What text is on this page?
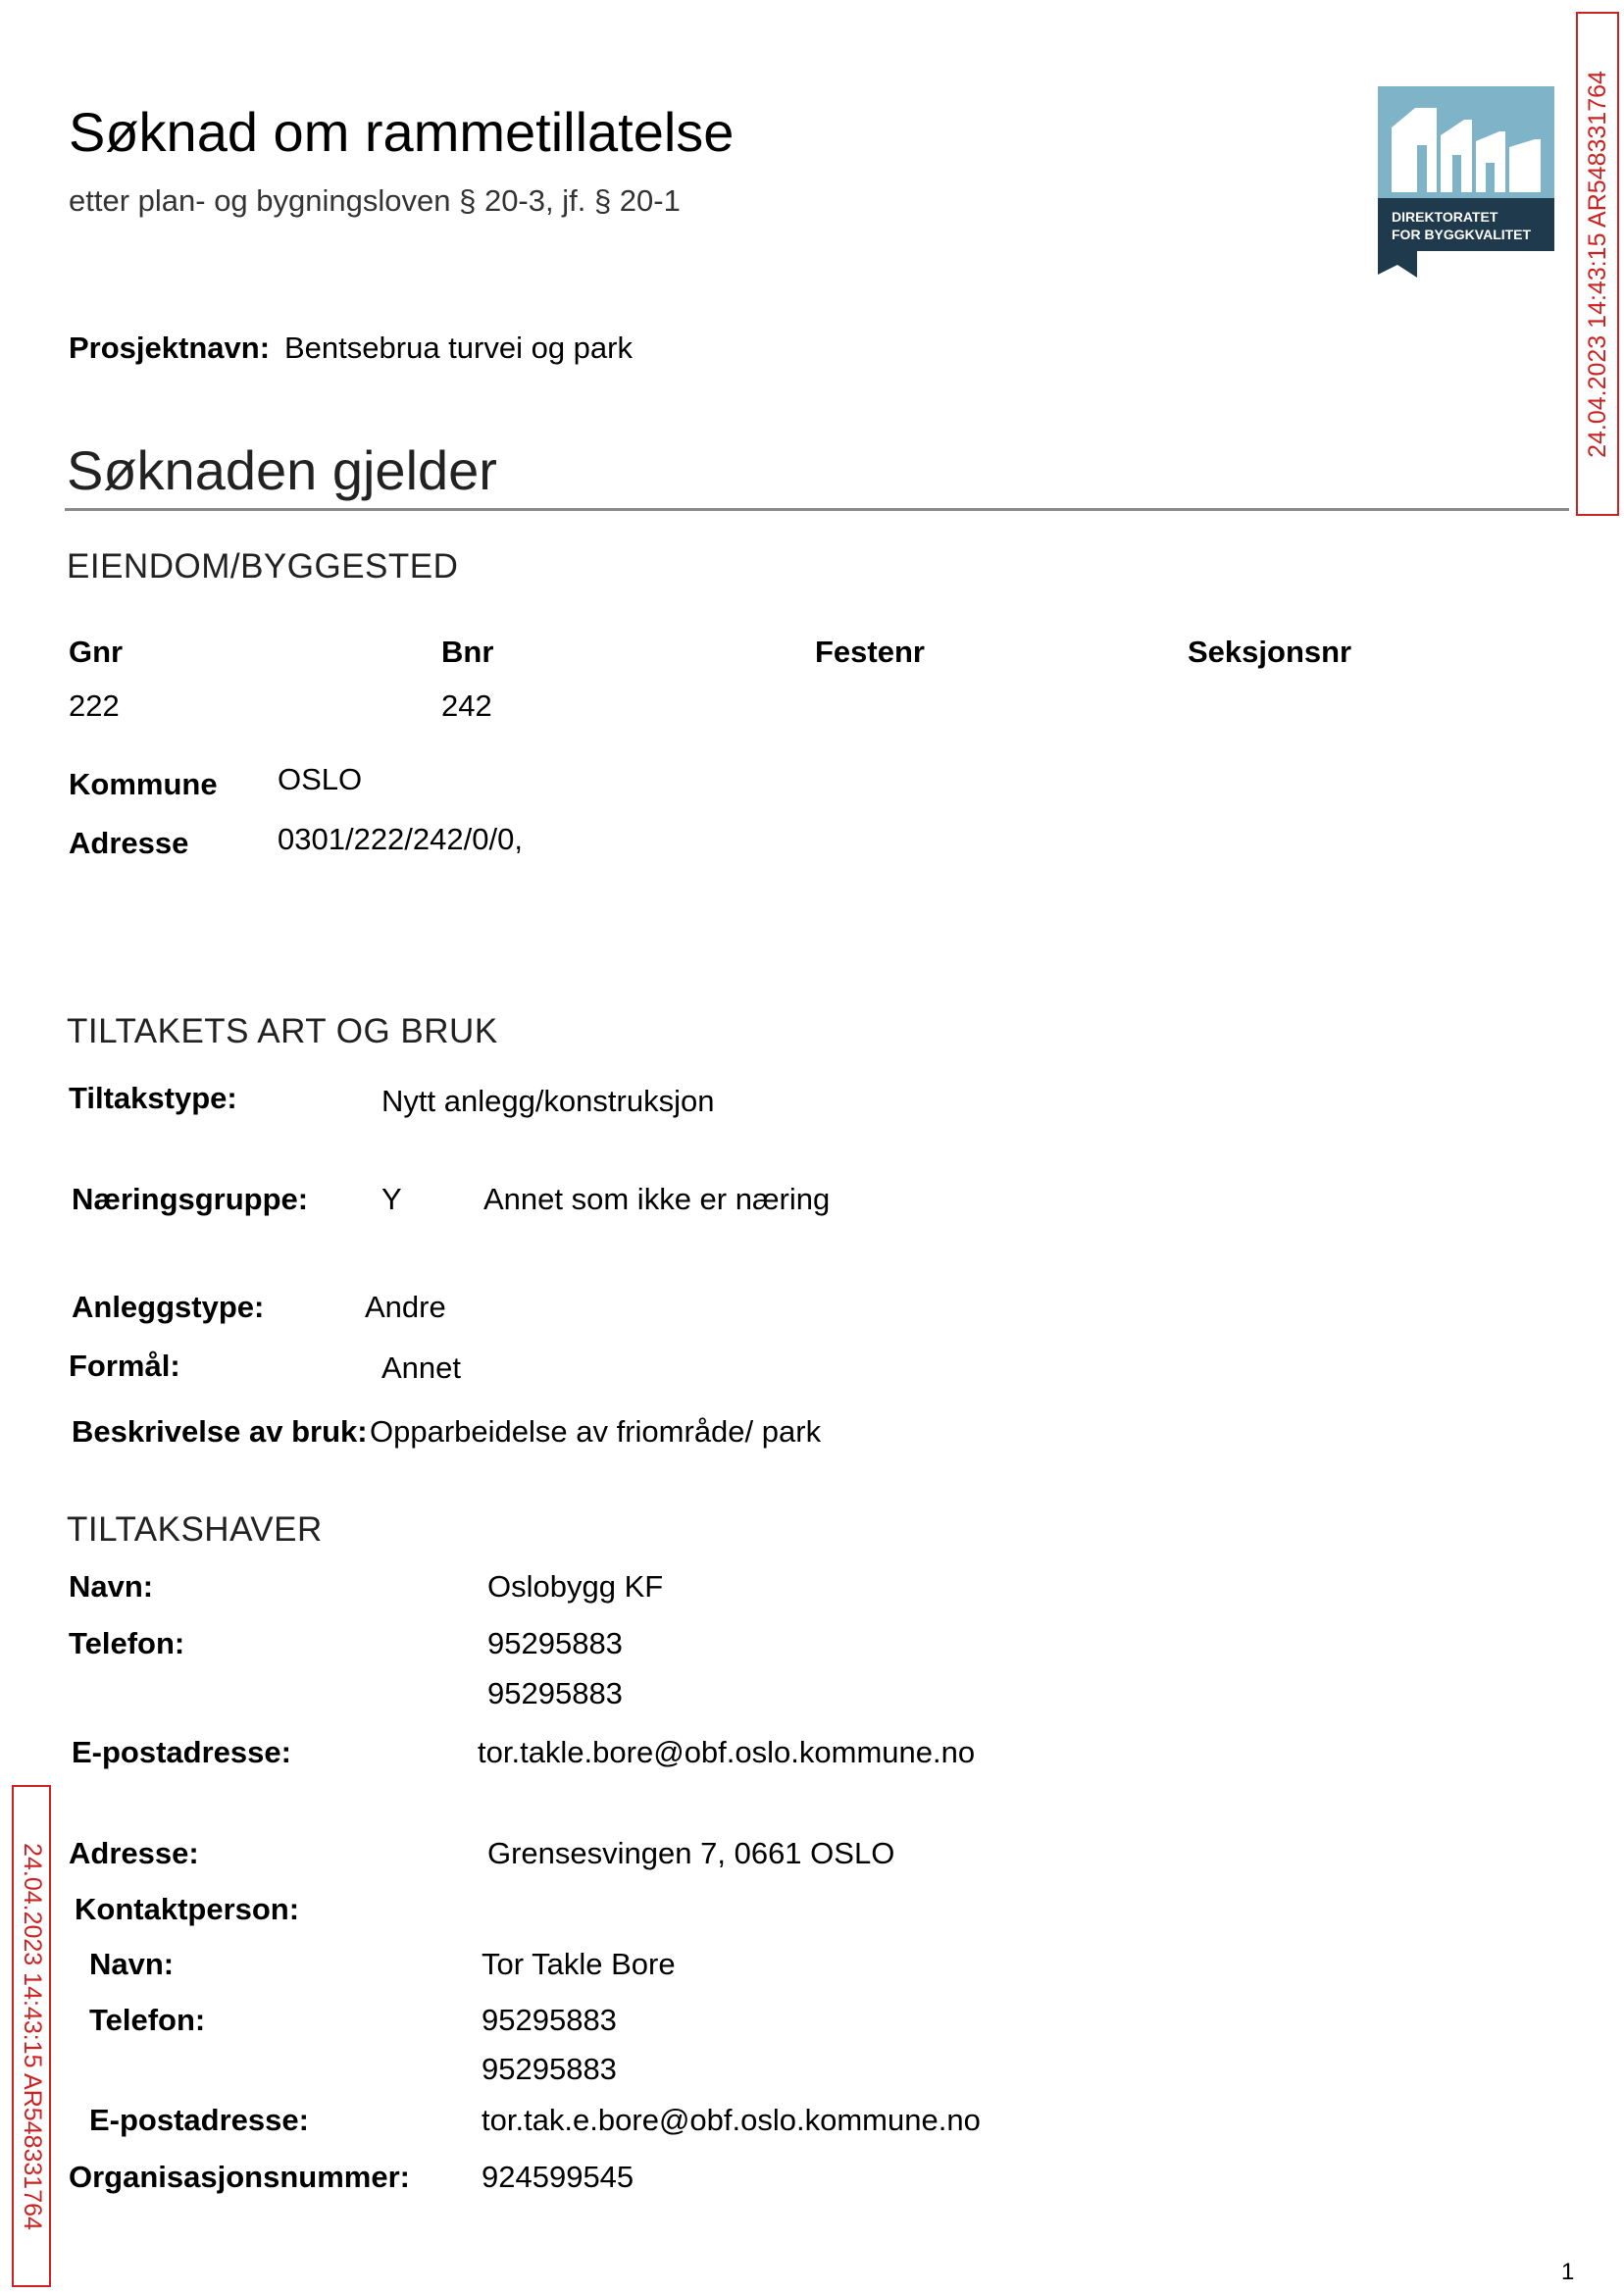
Søknad om rammetillatelse
etter plan- og bygningsloven § 20-3, jf. § 20-1	DIREKTORATET
FOR BYGGKVALITET
Prosjektnavn: Bentsebrua turvei og park
Søknaden gjelder
EIENDOM/BYGGESTED
Gnr	Bnr	Festenr	Seksjonsnr
222	242
Kommune OSLO
Adresse	0301/222/242/0/0,
TILTAKETS ART OG BRUK
Tiltakstype:	Nytt anlegg/konstruksjon
Næringsgruppe: Y	Annet som ikke er næring
Anleggstype:	Andre
Formål:	Annet
Beskrivelse av bruk: Opparbeidelse av friområde/ park
TILTAKSHAVER
Navn:	Oslobygg KF
Telefon:	95295883
95295883
E-postadresse:	tor.takle.bore@obf.oslo.kommune.no
Adresse:	Grensesvingen 7, 0661 OSLO
Kontaktperson:
Navn:	Tor Takle Bore
Telefon:	95295883
95295883
E-postadresse:	tor.tak.e.bore@obf.oslo.kommune.no
Organisasjonsnummer: 924599545
24.04.2023 14:43:15 AR548331764
24.04.2023 14:43:15 AR548331764
1
